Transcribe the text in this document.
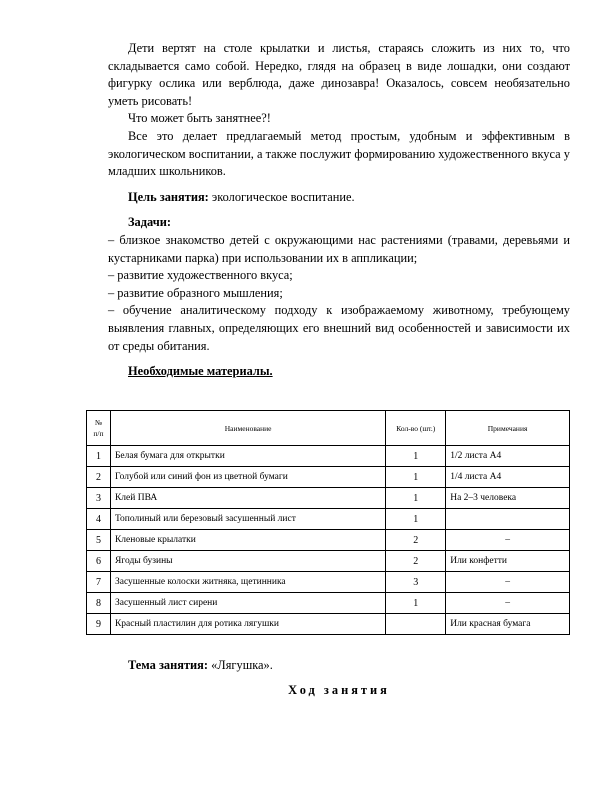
Дети вертят на столе крылатки и листья, стараясь сложить из них то, что складывается само собой. Нередко, глядя на образец в виде лошадки, они создают фигурку ослика или верблюда, даже динозавра! Оказалось, совсем необязательно уметь рисовать!

Что может быть занятнее?!

Все это делает предлагаемый метод простым, удобным и эффективным в экологическом воспитании, а также послужит формированию художественного вкуса у младших школьников.

Цель занятия: экологическое воспитание.

Задачи:

– близкое знакомство детей с окружающими нас растениями (травами, деревьями и кустарниками парка) при использовании их в аппликации;

– развитие художественного вкуса;

– развитие образного мышления;

– обучение аналитическому подходу к изображаемому животному, требующему выявления главных, определяющих его внешний вид особенностей и зависимости их от среды обитания.

Необходимые материалы.

№ п/п	Наименование	Кол-во (шт.)	Примечания
1	Белая бумага для открытки	1	1/2 листа А4
2	Голубой или синий фон из цветной бумаги	1	1/4 листа А4
3	Клей ПВА	1	На 2–3 человека
4	Тополиный или березовый засушенный лист	1	
5	Кленовые крылатки	2	–
6	Ягоды бузины	2	Или конфетти
7	Засушенные колоски житняка, щетинника	3	–
8	Засушенный лист сирени	1	–
9	Красный пластилин для ротика лягушки		Или красная бумага

Тема занятия: «Лягушка».

Ход занятия
